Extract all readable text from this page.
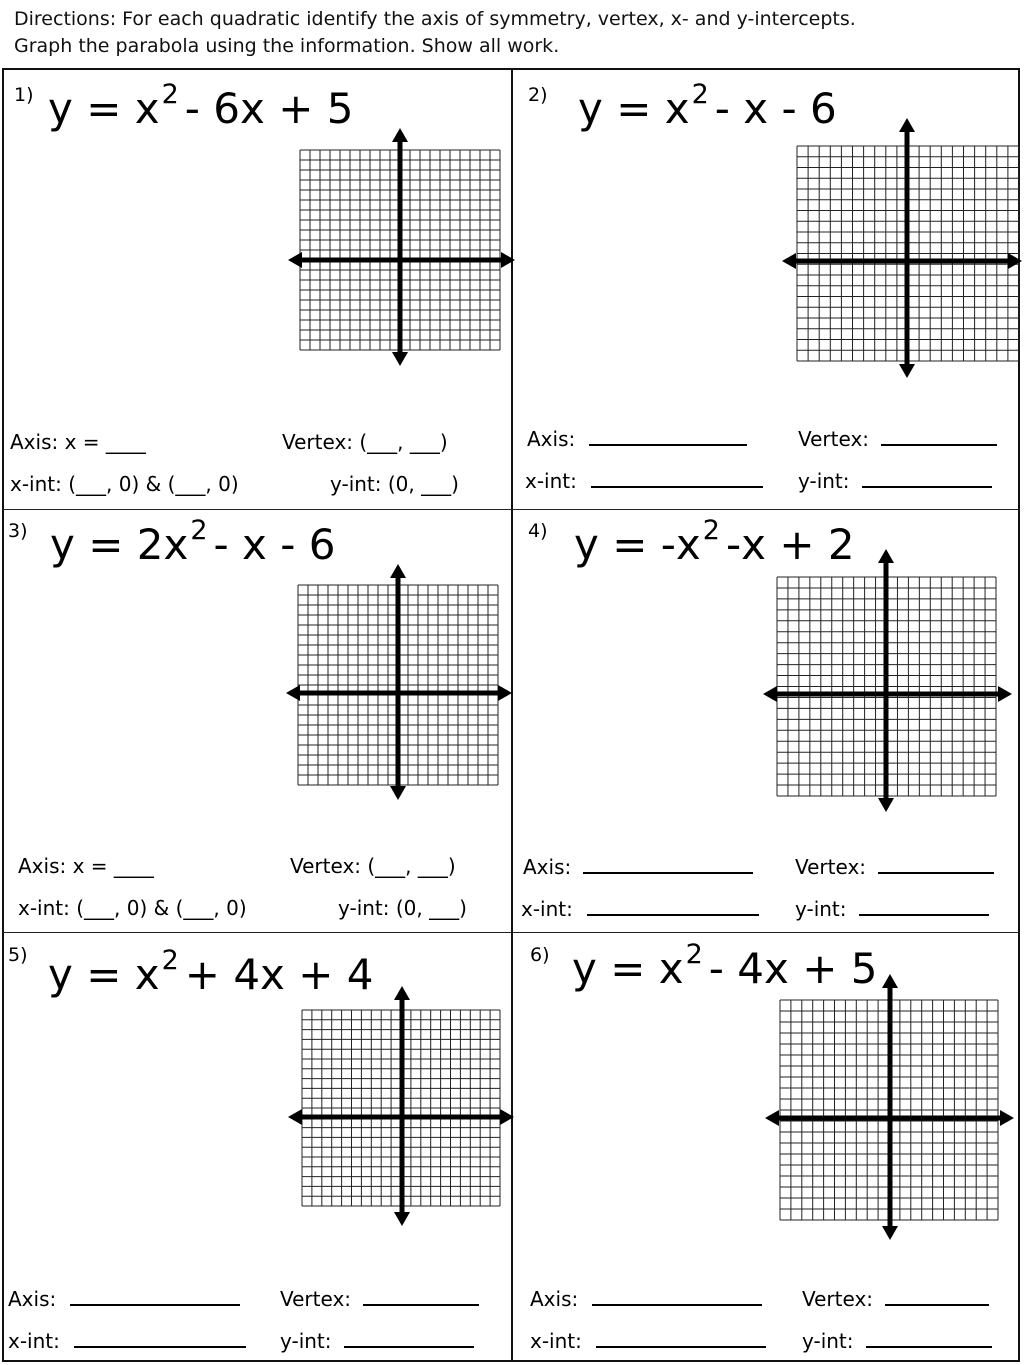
Directions: For each quadratic identify the axis of symmetry, vertex, x- and y-intercepts.
Graph the parabola using the information. Show all work.
1) $y = x^2 - 6x + 5$
Axis: x = ____	Vertex: (___, ___)
x-int: (___, 0) & (___, 0)	y-int: (0, ___)
2) $y = x^2 - x - 6$
Axis:	Vertex:
x-int:	y-int:
3) $y = 2x^2 - x - 6$
Axis: x = ____	Vertex: (___, ___)
x-int: (___, 0) & (___, 0)	y-int: (0, ___)
4) $y = -x^2$ -x + 2
Axis:	Vertex:
x-int:	y-int:
5) $y = x^2 + 4x + 4$
Axis:	Vertex:
x-int:	y-int:
6) $y = x^2 - 4x + 5$
Axis:	Vertex:
x-int:	y-int:
